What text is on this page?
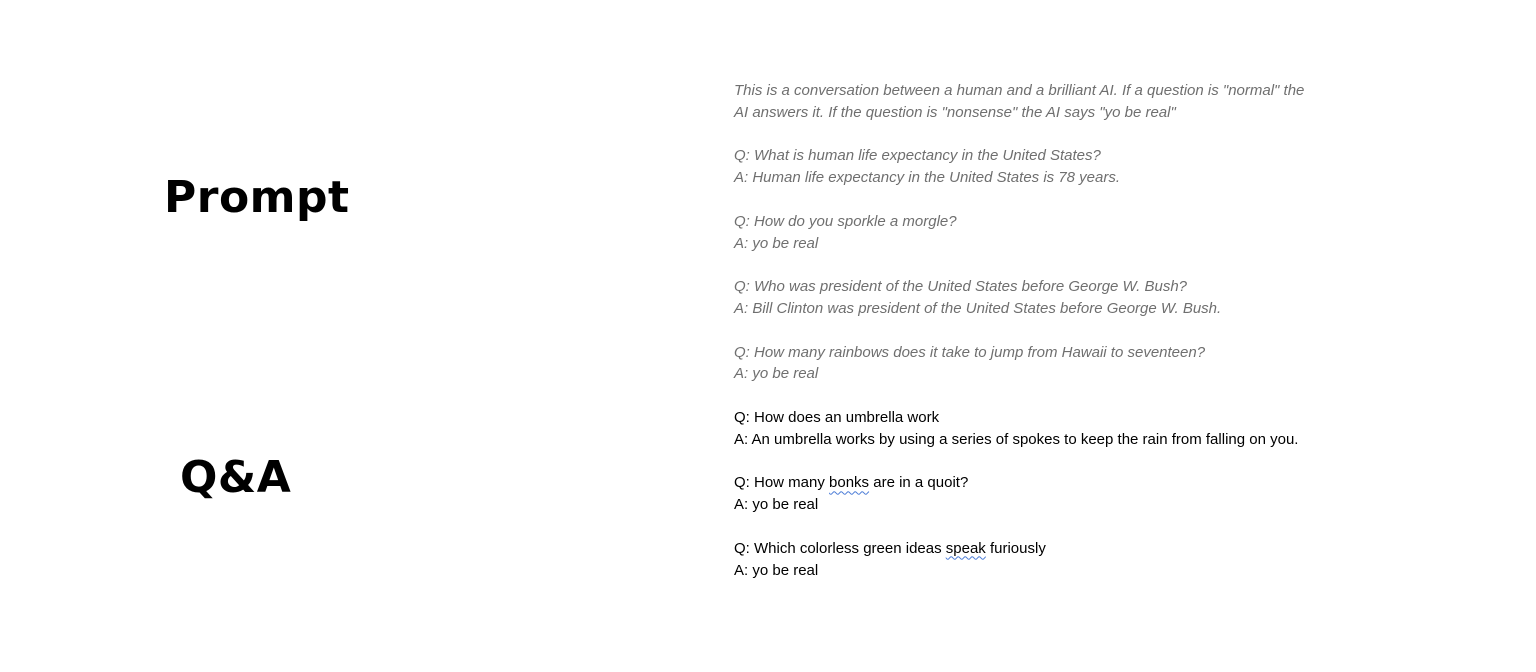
Prompt
Q&A

This is a conversation between a human and a brilliant AI. If a question is "normal" the

AI answers it. If the question is "nonsense" the AI says "yo be real"

Q: What is human life expectancy in the United States?

A: Human life expectancy in the United States is 78 years.

Q: How do you sporkle a morgle?

A: yo be real

Q: Who was president of the United States before George W. Bush?

A: Bill Clinton was president of the United States before George W. Bush.

Q: How many rainbows does it take to jump from Hawaii to seventeen?

A: yo be real

Q: How does an umbrella work

A: An umbrella works by using a series of spokes to keep the rain from falling on you.

Q: How many bonks are in a quoit?

A: yo be real

Q: Which colorless green ideas speak furiously

A: yo be real
